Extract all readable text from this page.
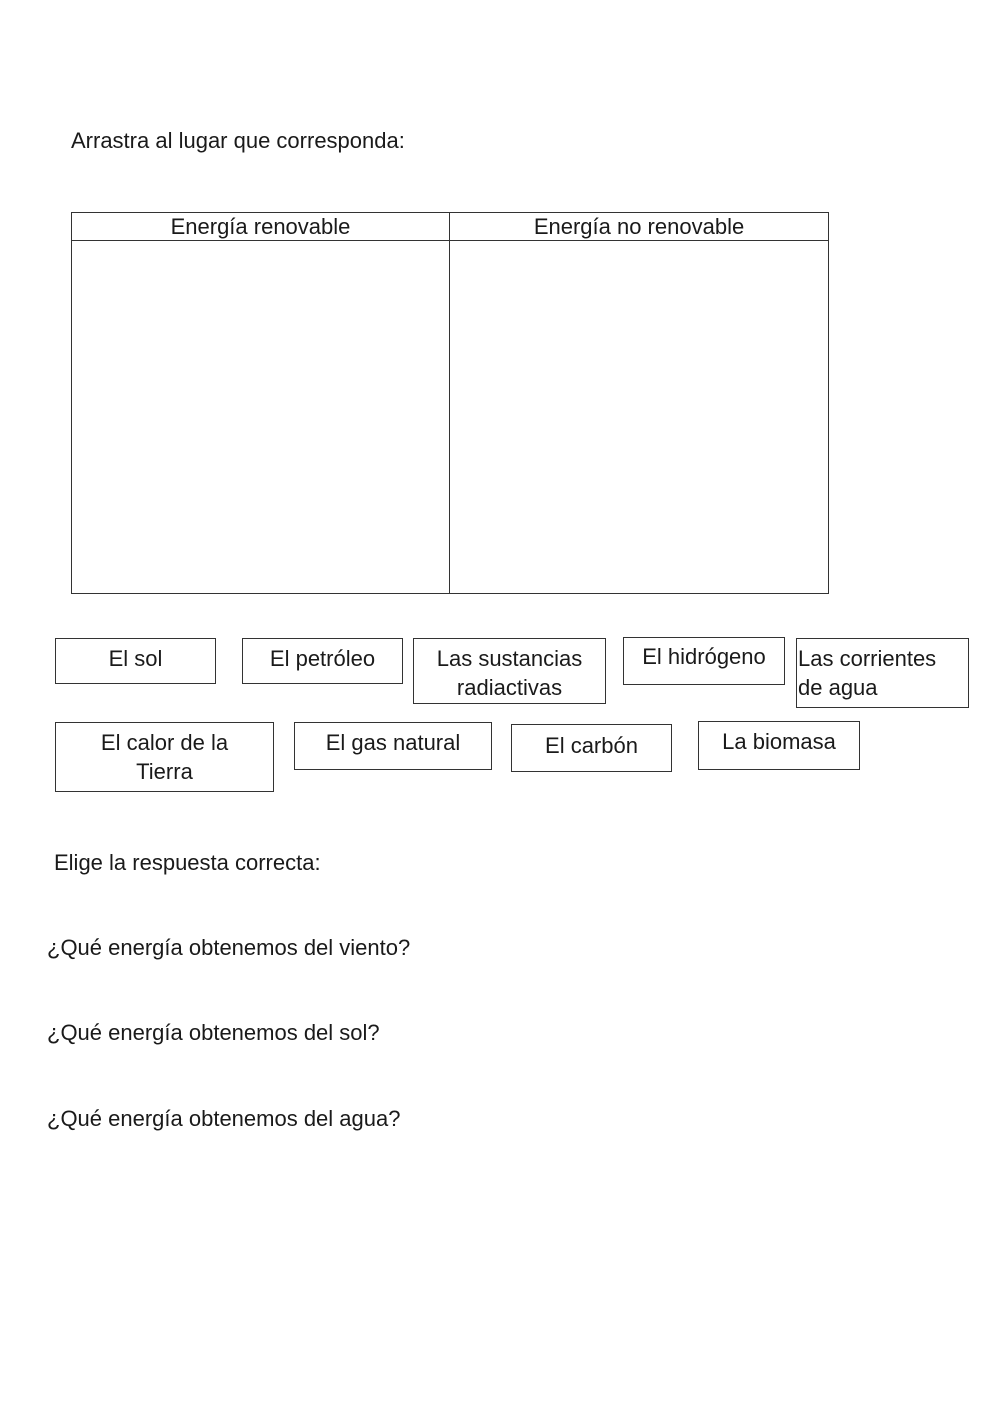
Arrastra al lugar que corresponda:
Energía renovable	Energía no renovable
El sol	El petróleo	Las sustancias
radiactivas
El hidrógeno	Las corrientes
de agua
El calor de la
Tierra
El gas natural	El carbón	La biomasa
Elige la respuesta correcta:
¿Qué energía obtenemos del viento?
¿Qué energía obtenemos del sol?
¿Qué energía obtenemos del agua?
